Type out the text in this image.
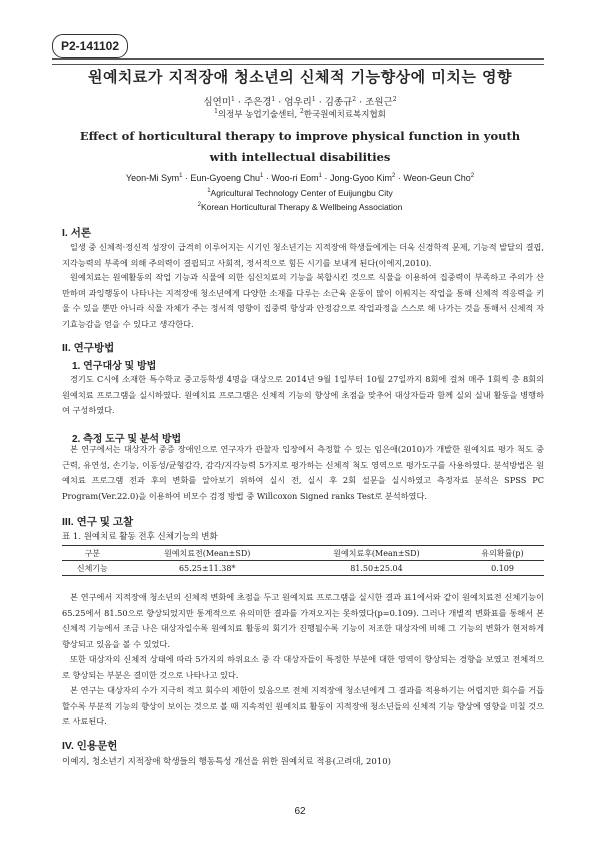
P2-141102
원예치료가 지적장애 청소년의 신체적 기능향상에 미치는 영향
심연미$^1$ · 주은경$^1$ · 엄우리$^1$ · 김종규$^2$ · 조원근$^2$
$^1$의정부 농업기술센터, $^2$한국원예치료복지협회
Effect of horticultural therapy to improve physical function in youth with intellectual disabilities
Yeon-Mi Sym$^1$ · Eun-Gyoeng Chu$^1$ · Woo-ri Eom$^1$ · Jong-Gyoo Kim$^2$ · Weon-Geun Cho$^2$
$^1$Agricultural Technology Center of Euijungbu City
$^2$Korean Horticultural Therapy & Wellbeing Association
I. 서론
일생 중 신체적·정신적 성장이 급격히 이루어지는 시기인 청소년기는 지적장애 학생들에게는 더욱 신경학적 문제, 기능적 발달의 결핍, 지각능력의 부족에 의해 주의력이 결핍되고 사회적, 정서적으로 힘든 시기를 보내게 된다(이에지,2010).
원예치료는 원예활동의 작업 기능과 식물에 의한 심신치료의 기능을 복합시킨 것으로 식물을 이용하여 집중력이 부족하고 주의가 산만하며 과잉행동이 나타나는 지적장애 청소년에게 다양한 소재를 다루는 소근육 운동이 많이 이뤄지는 작업을 통해 신체적 적응력을 키울 수 있을 뿐만 아니라 식물 자체가 주는 정서적 영향이 집중력 향상과 안정감으로 작업과정을 스스로 해 나가는 것을 통해서 신체적 자기효능감을 얻을 수 있다고 생각한다.
II. 연구방법
1. 연구대상 및 방법
경기도 C시에 소재한 특수학교 중고등학생 4명을 대상으로 2014년 9월 1일부터 10월 27일까지 8회에 걸쳐 매주 1회씩 총 8회의 원예치료 프로그램을 실시하였다. 원예치료 프로그램은 신체적 기능의 향상에 초점을 맞추어 대상자들과 함께 실외 실내 활동을 병행하여 구성하였다.
2. 측정 도구 및 분석 방법
본 연구에서는 대상자가 중증 장애인으로 연구자가 관찰자 입장에서 측정할 수 있는 임은애(2010)가 개발한 원예치료 평가 척도 중 근력, 유연성, 손기능, 이동성/균형감각, 감각/지각능력 5가지로 평가하는 신체적 척도 영역으로 평가도구를 사용하였다. 분석방법은 원예치료 프로그램 전과 후의 변화를 알아보기 위하여 실시 전, 실시 후 2회 설문을 실시하였고 측정자료 분석은 SPSS PC Program(Ver.22.0)을 이용하여 비모수 검정 방법 중 Willcoxon Signed ranks Test로 분석하였다.
III. 연구 및 고찰
표 1. 원예치료 활동 전후 신체기능의 변화
구분	원예치료전(Mean±SD)	원예치료후(Mean±SD)	유의확률(p)
신체기능	65.25±11.38*	81.50±25.04	0.109
본 연구에서 지적장애 청소년의 신체적 변화에 초점을 두고 원예치료 프로그램을 실시한 결과 표1에서와 같이 원예치료전 신체기능이 65.25에서 81.50으로 향상되었지만 통계적으로 유의미한 결과를 가져오지는 못하였다(p=0.109). 그러나 개별적 변화표를 통해서 본 신체적 기능에서 조금 나은 대상자일수록 원예치료 활동의 회기가 진행될수록 기능이 저조한 대상자에 비해 그 기능의 변화가 현저하게 향상되고 있음을 볼 수 있었다.
또한 대상자의 신체적 상태에 따라 5가지의 하위요소 중 각 대상자들이 특정한 부분에 대한 영역이 향상되는 경향을 보였고 전체적으로 향상되는 부분은 결미한 것으로 나타나고 있다.
본 연구는 대상자의 수가 지극히 적고 회수의 제한이 있음으로 전체 지적장애 청소년에게 그 결과를 적용하기는 어렵지만 회수를 거듭할수록 부분적 기능의 향상이 보이는 것으로 볼 때 지속적인 원예치료 활동이 지적장애 청소년들의 신체적 기능 향상에 영향을 미칠 것으로 사료된다.
IV. 인용문헌
이예지, 청소년기 지적장애 학생들의 행동특성 개선을 위한 원예치료 적용(고려대, 2010)
62
